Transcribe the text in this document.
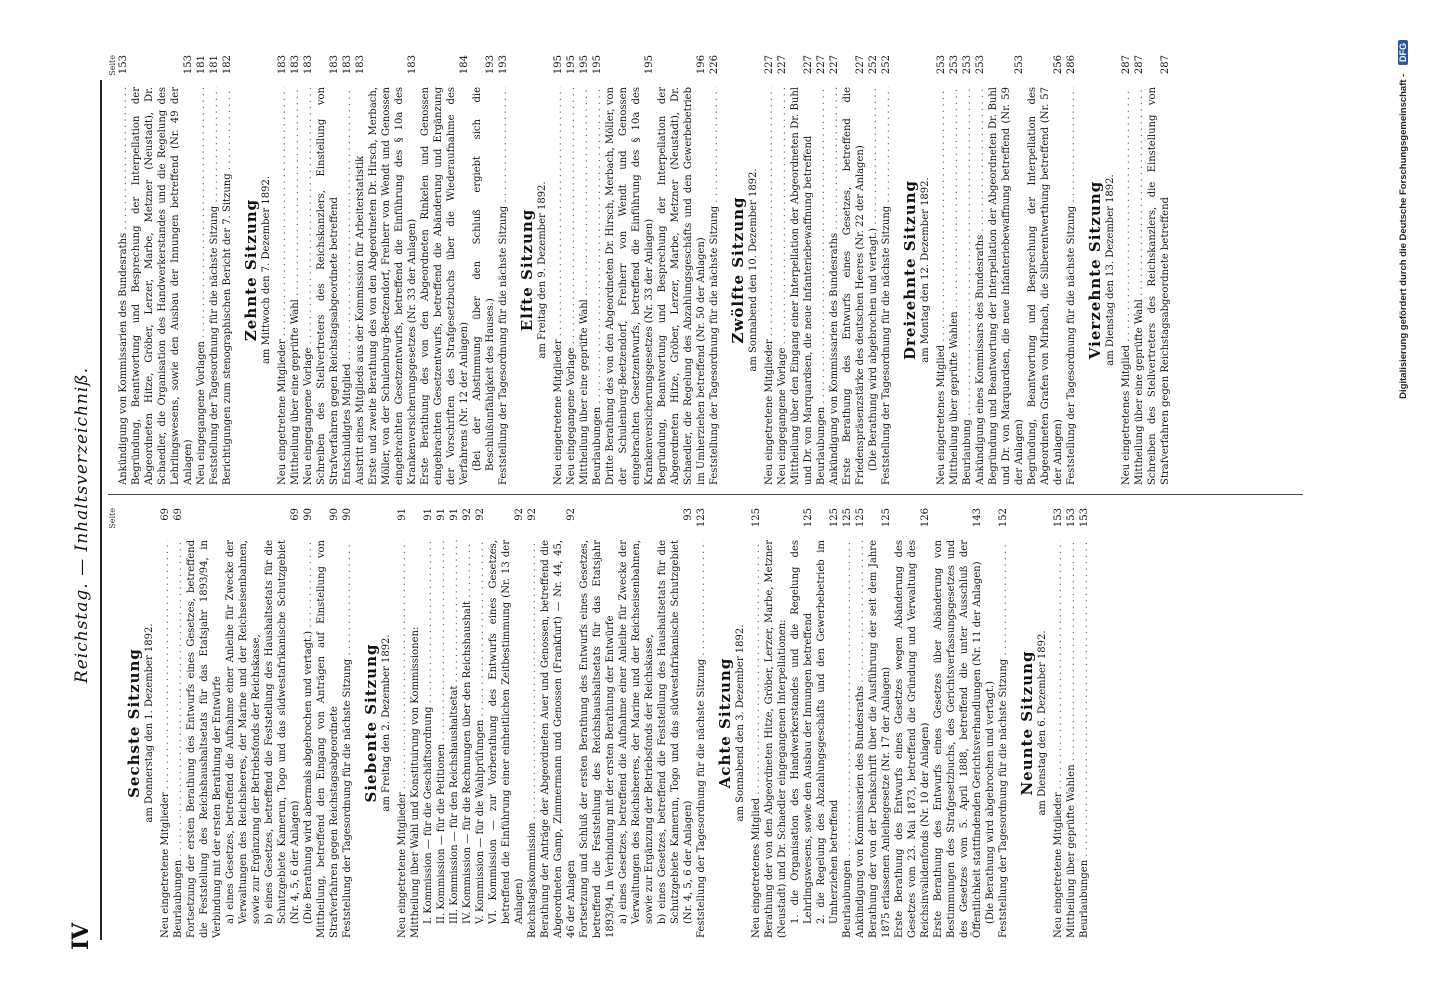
IV
Reichstag. — Inhaltsverzeichniß. Seite
Sechste Sitzung am Donnerstag den 1. Dezember 1892.
Neu eingetretene Mitglieder . . .
69
Beurlaubungen . . .
69
Fortsetzung der ersten Berathung des Entwurfs eines Gesetzes, betreffend die Feststellung des Reichshaushaltsetats für das Etatsjahr 1893/94, in Verbindung mit der ersten Berathung der Entwürfe a) eines Gesetzes, betreffend die Aufnahme einer Anleihe für Zwecke der Verwaltungen des Reichsheeres, der Marine und der Reichseisenbahnen, sowie zur Ergänzung der Betriebsfonds der Reichskasse, b) eines Gesetzes, betreffend die Feststellung des Haushaltsetats für die Schutzgebiete Kamerun, Togo und das südwestafrikanische Schutzgebiet (Nr. 4, 5, 6 der Anlagen)
69
(Die Berathung wird abermals abgebrochen und vertagt.) . . .
90
Mittheilung, betreffend den Eingang von Anträgen auf Einstellung von Strafverfahren gegen Reichstagsabgeordnete
90
Feststellung der Tagesordnung für die nächste Sitzung . . .
90
Siebente Sitzung am Freitag den 2. Dezember 1892.
Neu eingetretene Mitglieder . . .
91
Mittheilung über Wahl und Konstituirung von Kommissionen: I. Kommission — für die Geschäftsordnung . . .
91
II. Kommission — für die Petitionen . . .
91
III. Kommission — für den Reichshaushaltsetat . . .
91
IV. Kommission — für die Rechnungen über den Reichshaushalt . . .
92
V. Kommission — für die Wahlprüfungen . . .
92
VI. Kommission — zur Vorberathung des Entwurfs eines Gesetzes, betreffend die Einführung einer einheitlichen Zeitbestimmung (Nr. 13 der Anlagen)
92
Reichstagskommission . . .
92
Berathung der Anträge der Abgeordneten Auer und Genossen, betreffend die Abgeordneten Gamp, Zimmermann und Genossen (Frankfurt) — Nr. 44, 45, 46 der Anlagen
92
Fortsetzung und Schluß der ersten Berathung des Entwurfs eines Gesetzes, betreffend die Feststellung des Reichshaushaltsetats für das Etatsjahr 1893/94, in Verbindung mit der ersten Berathung der Entwürfe a) eines Gesetzes, betreffend die Aufnahme einer Anleihe für Zwecke der Verwaltungen des Reichsheeres, der Marine und der Reichseisenbahnen, sowie zur Ergänzung der Betriebsfonds der Reichskasse, b) eines Gesetzes, betreffend die Feststellung des Haushaltsetats für die Schutzgebiete Kamerun, Togo und das südwestafrikanische Schutzgebiet (Nr. 4, 5, 6 der Anlagen)
93
Feststellung der Tagesordnung für die nächste Sitzung . . .
123
Achte Sitzung am Sonnabend den 3. Dezember 1892.
Neu eingetretenes Mitglied . . .
125
Berathung der von den Abgeordneten Hitze, Gröber, Lerzer, Marbe, Metzner (Neustadt) und Dr. Schaedler eingegangenen Interpellationen: 1. die Organisation des Handwerkerstandes und die Regelung des Lehrlingswesens, sowie den Ausbau der Innungen betreffend
125
2. die Regelung des Abzahlungsgeschäfts und den Gewerbebetrieb im Umherziehen betreffend
125
Beurlaubungen . . .
125
Ankündigung von Kommissarien des Bundesraths . . .
125
Berathung der von der Denkschrift über die Ausführung der seit dem Jahre 1875 erlassenen Anleihegesetze (Nr. 17 der Anlagen)
125
Erste Berathung des Entwurfs eines Gesetzes wegen Abänderung des Gesetzes vom 23. Mai 1873, betreffend die Gründung und Verwaltung des Reichsinvalidenfonds (Nr. 10 der Anlagen)
126
Erste Berathung des Entwurfs eines Gesetzes über Abänderung von Bestimmungen des Strafgesetzbuchs, des Gerichtsverfassungsgesetzes und des Gesetzes vom 5. April 1888, betreffend die unter Ausschluß der Öffentlichkeit stattfindenden Gerichtsverhandlungen (Nr. 11 der Anlagen)
143
(Die Berathung wird abgebrochen und vertagt.) Feststellung der Tagesordnung für die nächste Sitzung . . .
152
Neunte Sitzung am Dienstag den 6. Dezember 1892.
Neu eingetretene Mitglieder . . .
153
Mittheilung über geprüfte Wahlen . . .
153
Beurlaubungen . . .
153
Seite
Ankündigung von Kommissarien des Bundesraths . . .
153
Begründung, Beantwortung und Besprechung der Interpellation der Abgeordneten Hitze, Gröber, Lerzer, Marbe, Metzner (Neustadt), Dr. Schaedler, die Organisation des Handwerkerstandes und die Regelung des Lehrlingswesens, sowie den Ausbau der Innungen betreffend (Nr. 49 der Anlagen)
153
Neu eingegangene Vorlagen . . .
181
Feststellung der Tagesordnung für die nächste Sitzung . . .
181
Berichtigungen zum stenographischen Bericht der 7. Sitzung . . .
182
Zehnte Sitzung am Mittwoch den 7. Dezember 1892.
Neu eingetretene Mitglieder . . .
183
Mittheilung über eine geprüfte Wahl . . .
183
Neu eingegangene Vorlage . . .
183
Schreiben des Stellvertreters des Reichskanzlers, Einstellung von Strafverfahren gegen Reichstagsabgeordnete betreffend
183
Entschuldigtes Mitglied . . .
183
Austritt eines Mitglieds aus der Kommission für Arbeiterstatistik
183
Erste und zweite Berathung des von den Abgeordneten Dr. Hirsch, Merbach, Möller, von der Schulenburg-Beetzendorf, Freiherr von Wendt und Genossen eingebrachten Gesetzentwurfs, betreffend die Einführung des § 10a des Krankenversicherungsgesetzes (Nr. 33 der Anlagen)
183
Erste Berathung des von den Abgeordneten Rinkelen und Genossen eingebrachten Gesetzentwurfs, betreffend die Abänderung und Ergänzung der Vorschriften des Strafgesetzbuchs über die Wiederaufnahme des Verfahrens (Nr. 12 der Anlagen)
184
(Bei der Abstimmung über den Schluß ergiebt sich die Beschlußunfähigkeit des Hauses.)
193
Feststellung der Tagesordnung für die nächste Sitzung . . .
193
Elfte Sitzung am Freitag den 9. Dezember 1892.
Neu eingetretene Mitglieder . . .
195
Neu eingegangene Vorlage . . .
195
Mittheilung über eine geprüfte Wahl . . .
195
Beurlaubungen . . .
195
Dritte Berathung des von den Abgeordneten Dr. Hirsch, Merbach, Möller, von der Schulenburg-Beetzendorf, Freiherr von Wendt und Genossen eingebrachten Gesetzentwurfs, betreffend die Einführung des § 10a des Krankenversicherungsgesetzes (Nr. 33 der Anlagen)
195
Begründung, Beantwortung und Besprechung der Interpellation der Abgeordneten Hitze, Gröber, Lerzer, Marbe, Metzner (Neustadt), Dr. Schaedler, die Regelung des Abzahlungsgeschäfts und den Gewerbebetrieb im Umherziehen betreffend (Nr. 50 der Anlagen)
196
Feststellung der Tagesordnung für die nächste Sitzung . . .
226
Zwölfte Sitzung am Sonnabend den 10. Dezember 1892.
Neu eingetretene Mitglieder . . .
227
Neu eingegangene Vorlage . . .
227
Mittheilung über den Eingang einer Interpellation der Abgeordneten Dr. Buhl und Dr. von Marquardsen, die neue Infanteriebewaffnung betreffend
227
Beurlaubungen . . .
227
Ankündigung von Kommissarien des Bundesraths . . .
227
Erste Berathung des Entwurfs eines Gesetzes, betreffend die Friedenspräsenzstärke des deutschen Heeres (Nr. 22 der Anlagen)
227
(Die Berathung wird abgebrochen und vertagt.) . . .
252
Feststellung der Tagesordnung für die nächste Sitzung . . .
252
Dreizehnte Sitzung am Montag den 12. Dezember 1892.
Neu eingetretenes Mitglied . . .
253
Mittheilung über geprüfte Wahlen . . .
253
Beurlaubung . . .
253
Ankündigung eines Kommissars des Bundesraths . . .
253
Begründung und Beantwortung der Interpellation der Abgeordneten Dr. Buhl und Dr. von Marquardsen, die neue Infanteriebewaffnung betreffend (Nr. 59 der Anlagen)
253
Begründung, Beantwortung und Besprechung der Interpellation des Abgeordneten Grafen von Mirbach, die Silberentwerthung betreffend (Nr. 57 der Anlagen)
256
Feststellung der Tagesordnung für die nächste Sitzung . . .
286
Vierzehnte Sitzung am Dienstag den 13. Dezember 1892.
Neu eingetretenes Mitglied . . .
287
Mittheilung über eine geprüfte Wahl . . .
287
Schreiben des Stellvertreters des Reichskanzlers, die Einstellung von Strafverfahren gegen Reichstagsabgeordnete betreffend
287
Digitalisierung gefördert durch die Deutsche Forschungsgemeinschaft - DFG
